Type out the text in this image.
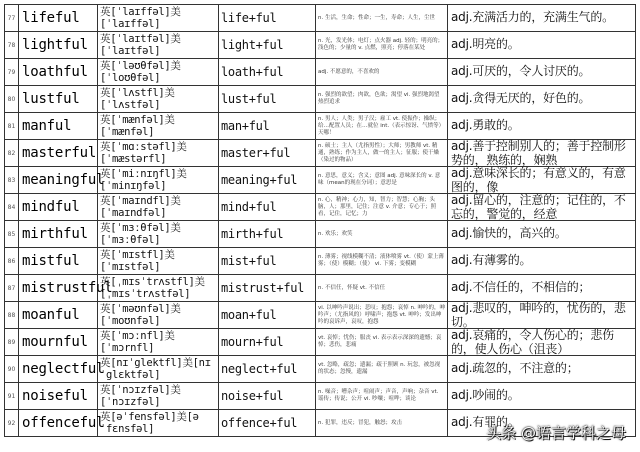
77	lifeful	英[ˈlaɪffəl]美[ˈlaɪffəl]	life+ful	n. 生活，生命；性命；一生，寿命；人生，尘世	adj.充满活力的，充满生气的。

78	lightful	英[ˈlaɪtfəl]美[ˈlaɪtfəl]	light+ful	n. 光，发光体；电灯；点火器 adj. 轻的；明亮的；浅色的；少量的 v. 点燃，照亮；停落在某处	adj.明亮的。

79	loathful	英[ˈləʊθfəl]美[ˈloʊθfəl]	loath+ful	adj. 不愿意的，不喜欢的	adj.可厌的，令人讨厌的。

80	lustful	英[ˈlʌstfl]美[ˈlʌstfəl]	lust+ful	n. 强烈的欲望；肉欲，色欲；渴望 vi. 强烈地渴望 热烈追求	adj.贪得无厌的，好色的。

81	manful	英[ˈmænfəl]美[ˈmænfəl]	man+ful	n. 男人；人类；男子汉；雇工 vt. 使振作；操纵；给…配置人员；在…就位 int.（表示惊讶、气愤等）天哪！	adj.勇敢的。

82	masterful	英[ˈmɑːstəfl]美[ˈmæstərfl]	master+ful	n. 硕士；主人（尤指男性）；大师；男教师 vt. 精通，熟练；作为主人，做一的主人；征服；使干燥（染过的物品）	adj.善于控制别人的；善于控制形势的，熟练的，娴熟

83	meaningful	英[ˈmiːnɪŋfl]美[ˈminɪŋfəl]	meaning+ful	n. 意思，意义；含义；意图 adj. 意味深长的 v. 意味（mean的现在分词）；意思是	adj.意味深长的；有意义的，有意图的，像

84	mindful	英[ˈmaɪndfl]美[ˈmaɪndfəl]	mind+ful	n. 心，精神；心力，知，智力；智慧；心胸；头脑，人；那里，记住；注意 v. 介意；专心于；照看，记住，记忆；力	adj.留心的，注意的；记住的，不忘的，警觉的，经意

85	mirthful	英[ˈmɜːθfəl]美[ˈmɜːθfəl]	mirth+ful	n. 欢乐；欢笑	adj.愉快的，高兴的。

86	mistful	英[ˈmɪstfl]美[ˈmɪstfəl]	mist+ful	n. 薄雾；视线模糊不清；液体喷雾 vt.（使）蒙上薄雾；（使）模糊；（使） vi. 下雾；变模糊	adj.有薄雾的。

87	mistrustful	英[ˌmɪsˈtrʌstfl]美[ˌmɪsˈtrʌstfəl]	mistrust+ful	n. 不信任，怀疑 vt. 不信任	adj.不信任的，不相信的；

88	moanful	英[ˈməʊnfəl]美[ˈmoʊnfəl]	moan+ful	vi. 以呻吟声说出；悲叹；抱怨；哀悼 n. 呻吟的，呻吟声；（尤指风的）呼啸声；抱怨 vt. 呻吟；发出呻吟的哀诉声，哀叹，抱怨	adj.悲叹的，呻吟的，忧伤的，悲切。

89	mournful	英[ˈmɔːnfl]美[ˈmɔrnfl]	mourn+ful	vt. 哀悼；忧伤；服丧 vi. 表示表示深深的遗憾；哀悼；悲伤，悲痛	adj.哀痛的，令人伤心的；悲伤的，使人伤心（沮丧）

90	neglectful	英[nɪˈglektfl]美[nɪˈglɛktfəl]	neglect+ful	vt. 忽略，疏忽；遗漏；疏于照顾 n. 玩忽，被忽视的状态；忽慢，遗漏	adj.疏忽的，不注意的；

91	noiseful	英[ˈnɔɪzfəl]美[ˈnɔɪzfəl]	noise+ful	n. 噪音；嘈杂声；喧闹声；声音，声响；杂音 vt. 谣传；传说；公开 vi. 吵嚷；喧哗；谈论	adj.吵闹的。

92	offenceful	英[əˈfensfəl]美[əˈfɛnsfəl]	offence+ful	n. 犯罪，违反；冒犯，触怒；攻击	adj.有罪的。
头条 @语言学科之母
